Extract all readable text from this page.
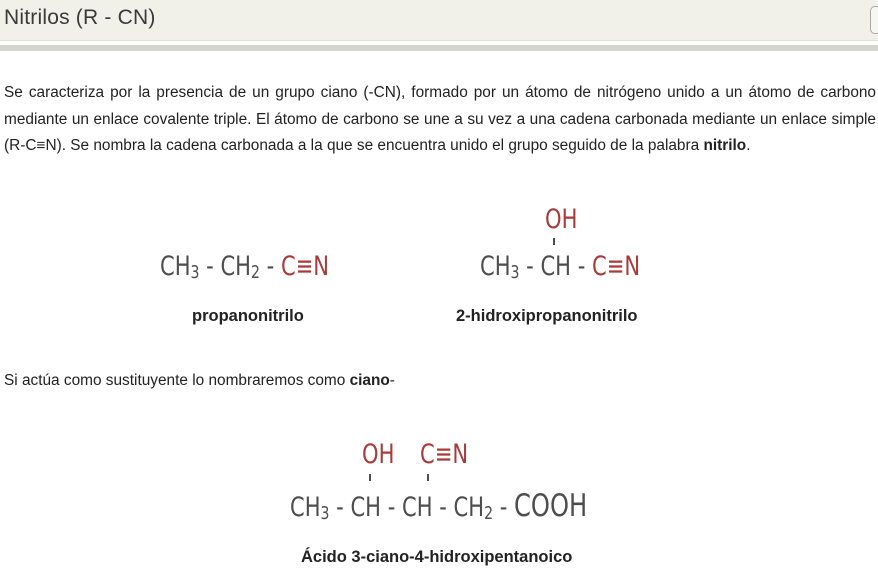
Nitrilos (R - CN)
Se caracteriza por la presencia de un grupo ciano (-CN), formado por un átomo de nitrógeno unido a un átomo de carbono mediante un enlace covalente triple. El átomo de carbono se une a su vez a una cadena carbonada mediante un enlace simple (R-C≡N). Se nombra la cadena carbonada a la que se encuentra unido el grupo seguido de la palabra nitrilo.
CH3 - CH2 - C≡N
propanonitrilo
OH
CH3 - CH - C≡N
2-hidroxipropanonitrilo
Si actúa como sustituyente lo nombraremos como ciano-
OH C≡N
CH3 - CH - CH - CH2 - COOH
Ácido 3-ciano-4-hidroxipentanoico
